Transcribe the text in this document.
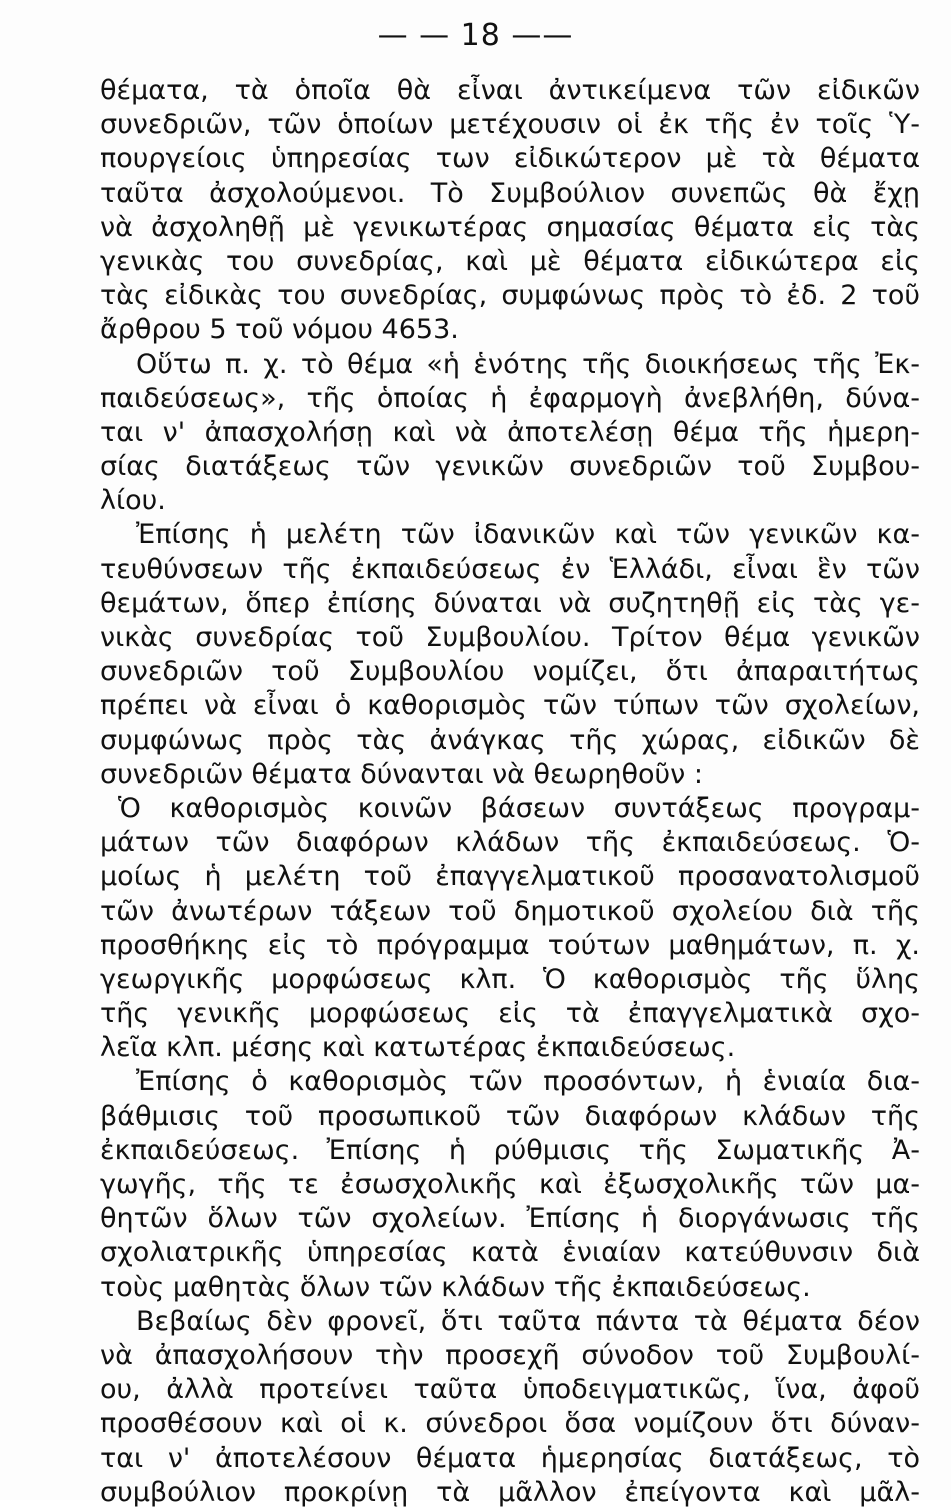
— — 18 ——
θέματα, τὰ ὁποῖα θὰ εἶναι ἀντικείμενα τῶν εἰδικῶν
συνεδριῶν, τῶν ὁποίων μετέχουσιν οἱ ἐκ τῆς ἐν τοῖς Ὑ-
πουργείοις ὑπηρεσίας των εἰδικώτερον μὲ τὰ θέματα
ταῦτα ἀσχολούμενοι. Τὸ Συμβούλιον συνεπῶς θὰ ἔχῃ
νὰ ἀσχοληθῇ μὲ γενικωτέρας σημασίας θέματα εἰς τὰς
γενικὰς του συνεδρίας, καὶ μὲ θέματα εἰδικώτερα εἰς
τὰς εἰδικὰς του συνεδρίας, συμφώνως πρὸς τὸ ἐδ. 2 τοῦ
ἄρθρου 5 τοῦ νόμου 4653.
Οὕτω π. χ. τὸ θέμα «ἡ ἑνότης τῆς διοικήσεως τῆς Ἐκ-
παιδεύσεως», τῆς ὁποίας ἡ ἐφαρμογὴ ἀνεβλήθη, δύνα-
ται ν' ἀπασχολήσῃ καὶ νὰ ἀποτελέσῃ θέμα τῆς ἡμερη-
σίας διατάξεως τῶν γενικῶν συνεδριῶν τοῦ Συμβου-
λίου.
Ἐπίσης ἡ μελέτη τῶν ἰδανικῶν καὶ τῶν γενικῶν κα-
τευθύνσεων τῆς ἐκπαιδεύσεως ἐν Ἑλλάδι, εἶναι ἓν τῶν
θεμάτων, ὅπερ ἐπίσης δύναται νὰ συζητηθῇ εἰς τὰς γε-
νικὰς συνεδρίας τοῦ Συμβουλίου. Τρίτον θέμα γενικῶν
συνεδριῶν τοῦ Συμβουλίου νομίζει, ὅτι ἀπαραιτήτως
πρέπει νὰ εἶναι ὁ καθορισμὸς τῶν τύπων τῶν σχολείων,
συμφώνως πρὸς τὰς ἀνάγκας τῆς χώρας, εἰδικῶν δὲ
συνεδριῶν θέματα δύνανται νὰ θεωρηθοῦν :
Ὁ καθορισμὸς κοινῶν βάσεων συντάξεως προγραμ-
μάτων τῶν διαφόρων κλάδων τῆς ἐκπαιδεύσεως. Ὁ-
μοίως ἡ μελέτη τοῦ ἐπαγγελματικοῦ προσανατολισμοῦ
τῶν ἀνωτέρων τάξεων τοῦ δημοτικοῦ σχολείου διὰ τῆς
προσθήκης εἰς τὸ πρόγραμμα τούτων μαθημάτων, π. χ.
γεωργικῆς μορφώσεως κλπ. Ὁ καθορισμὸς τῆς ὕλης
τῆς γενικῆς μορφώσεως εἰς τὰ ἐπαγγελματικὰ σχο-
λεῖα κλπ. μέσης καὶ κατωτέρας ἐκπαιδεύσεως.
Ἐπίσης ὁ καθορισμὸς τῶν προσόντων, ἡ ἑνιαία δια-
βάθμισις τοῦ προσωπικοῦ τῶν διαφόρων κλάδων τῆς
ἐκπαιδεύσεως. Ἐπίσης ἡ ρύθμισις τῆς Σωματικῆς Ἀ-
γωγῆς, τῆς τε ἐσωσχολικῆς καὶ ἐξωσχολικῆς τῶν μα-
θητῶν ὅλων τῶν σχολείων. Ἐπίσης ἡ διοργάνωσις τῆς
σχολιατρικῆς ὑπηρεσίας κατὰ ἑνιαίαν κατεύθυνσιν διὰ
τοὺς μαθητὰς ὅλων τῶν κλάδων τῆς ἐκπαιδεύσεως.
Βεβαίως δὲν φρονεῖ, ὅτι ταῦτα πάντα τὰ θέματα δέον
νὰ ἀπασχολήσουν τὴν προσεχῆ σύνοδον τοῦ Συμβουλί-
ου, ἀλλὰ προτείνει ταῦτα ὑποδειγματικῶς, ἵνα, ἀφοῦ
προσθέσουν καὶ οἱ κ. σύνεδροι ὅσα νομίζουν ὅτι δύναν-
ται ν' ἀποτελέσουν θέματα ἡμερησίας διατάξεως, τὸ
συμβούλιον προκρίνῃ τὰ μᾶλλον ἐπείγοντα καὶ μᾶλ-
